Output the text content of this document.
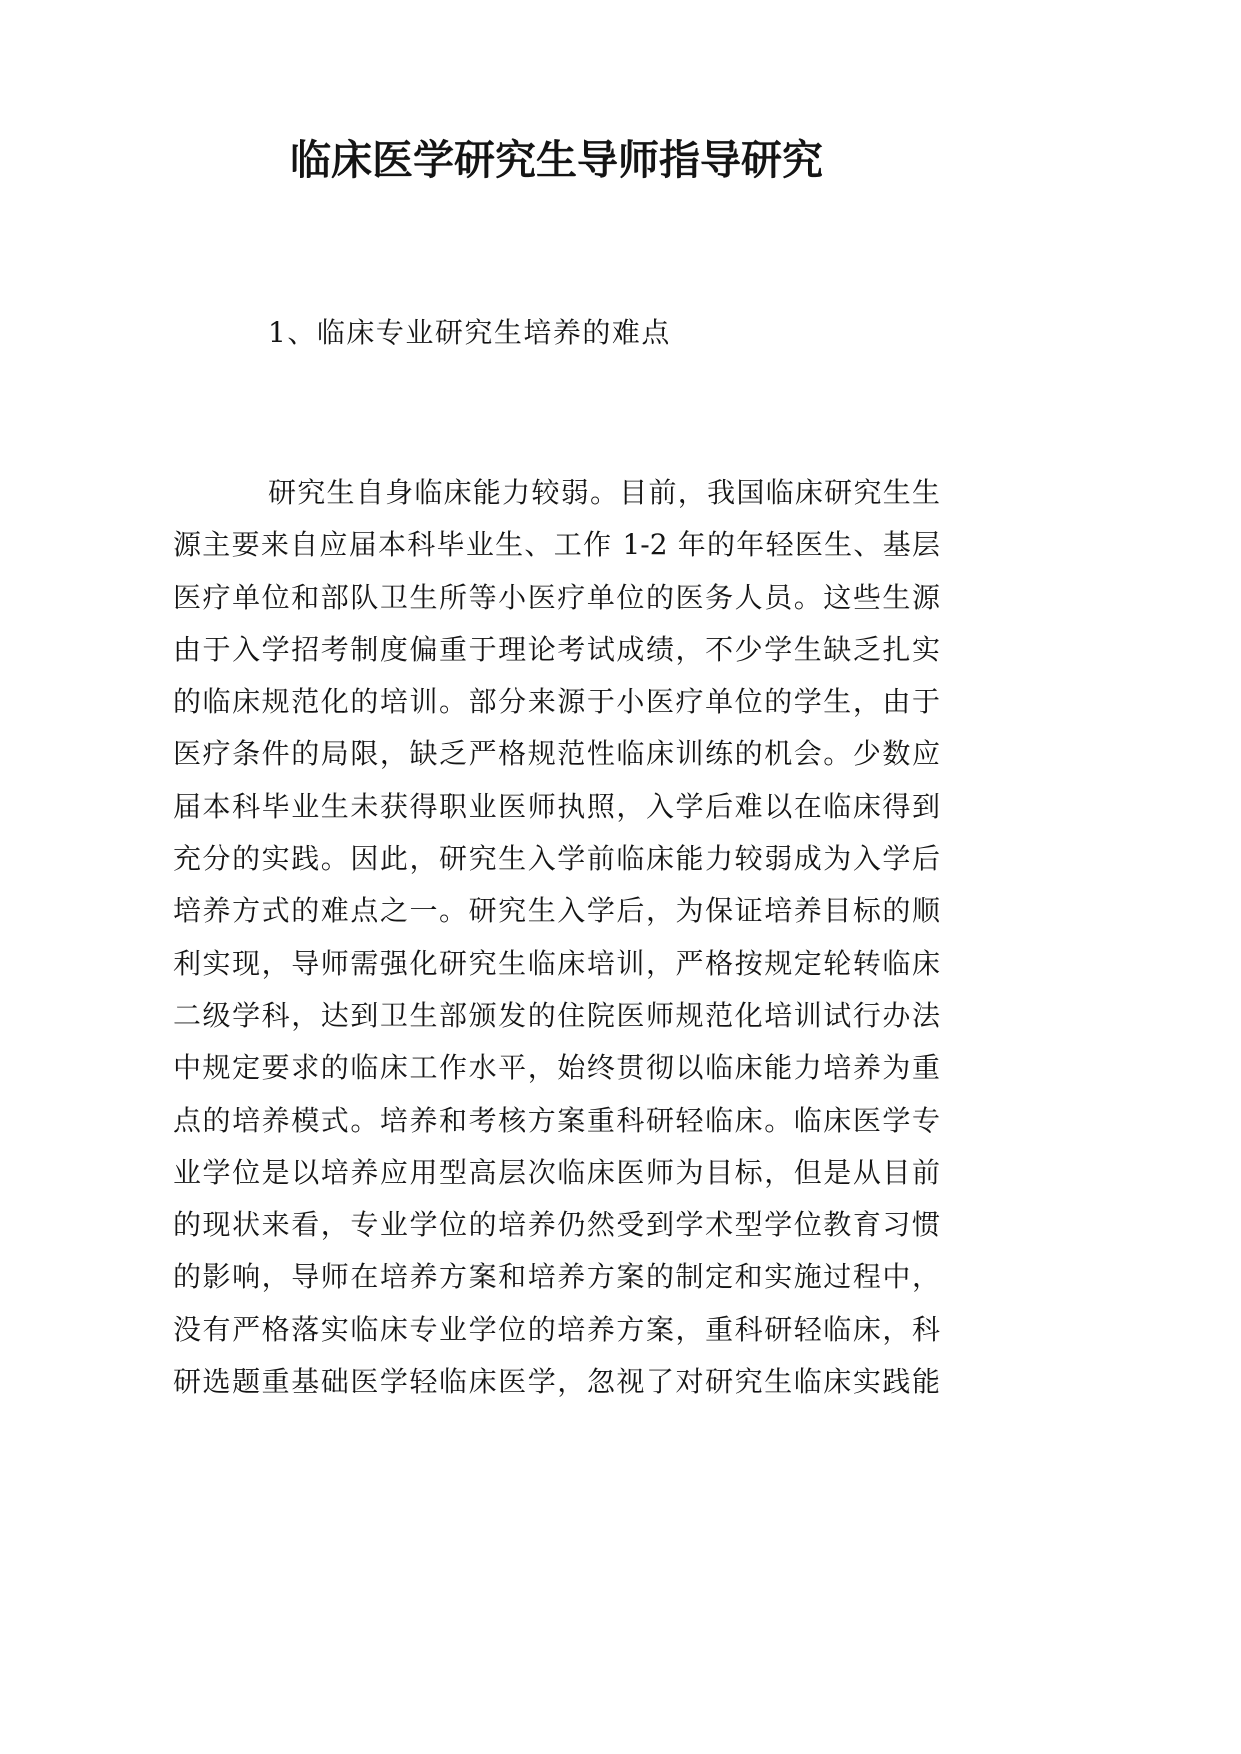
临床医学研究生导师指导研究
1、临床专业研究生培养的难点
研究生自身临床能力较弱。目前，我国临床研究生生
源主要来自应届本科毕业生、工作 1-2 年的年轻医生、基层
医疗单位和部队卫生所等小医疗单位的医务人员。这些生源
由于入学招考制度偏重于理论考试成绩，不少学生缺乏扎实
的临床规范化的培训。部分来源于小医疗单位的学生，由于
医疗条件的局限，缺乏严格规范性临床训练的机会。少数应
届本科毕业生未获得职业医师执照，入学后难以在临床得到
充分的实践。因此，研究生入学前临床能力较弱成为入学后
培养方式的难点之一。研究生入学后，为保证培养目标的顺
利实现，导师需强化研究生临床培训，严格按规定轮转临床
二级学科，达到卫生部颁发的住院医师规范化培训试行办法
中规定要求的临床工作水平，始终贯彻以临床能力培养为重
点的培养模式。培养和考核方案重科研轻临床。临床医学专
业学位是以培养应用型高层次临床医师为目标，但是从目前
的现状来看，专业学位的培养仍然受到学术型学位教育习惯
的影响，导师在培养方案和培养方案的制定和实施过程中，
没有严格落实临床专业学位的培养方案，重科研轻临床，科
研选题重基础医学轻临床医学，忽视了对研究生临床实践能
